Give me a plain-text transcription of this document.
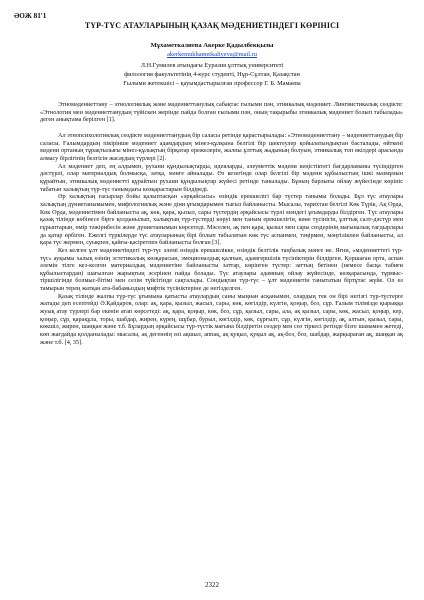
ӘОЖ 81'1
ТҮР-ТҮС АТАУЛАРЫНЫҢ ҚАЗАҚ МӘДЕНИЕТІНДЕГІ КӨРІНІСІ
Мұхаметкалиева Акерке Қадылбекқызы
akerkemukhametkaliyeva@mail.ru
Л.Н.Гумилев атындағы Еуразия ұлттық университеті
филология факультетінің 4-курс студенті, Нұр-Сұлтан, Қазақстан
Ғылыми жетекшісі – қауымдастырылған профессор Г. Б. Мамаева

Этномәдениеттану – этнологиялық және мәдениеттанулық сабақтас ғылыми пән, этникалық мәдениет. Лингвистикалық сөздікте: «Этнология мен мәдениеттанудың түйіскен жерінде пайда болған ғылыми пән, оның тақырыбы этникалық мәдениет болып табылады» деген анықтама берілген [1].

Ал этнопсихологиялық сөздікте мәдениеттанудың бір саласы ретінде қарастырылады: «Этномәдениеттану – мәдениеттанудың бір саласы. Ғалымдардың пікірінше мәдениет адамдардың мінез-құлқына белгілі бір шектеулер қойылатындықтан басталады, өйткені мәдени ортаның тұрақтылығы мінез-құлықтың бірқатар ережелерін, жалпы ұлттық жадының болуын, этникалық топ өкілдері арасында алмасу бірлігінің белгісін жасаудың түрлері [2].

Ал мәдениет деп, ең алдымен, рухани құндылықтарды, идеяларды, әлеуметтік мәдени кеңістіктегі бағдарламаны түсіндірген дәстүрлі, олар материалдық болмысқа, затқа, мәнге айналады. Өз кезегінде олар белгілі бір мәдени құбылыстың ішкі мазмұнын құрайтын, этникалық мәдениетті құрайтын рухани құндылықтар жүйесі ретінде танылады. Бұның барлығы ойлау жүйесінде көрініс табатын халықтың түр-түс танымдағы көзқарастарын білдіреді.

Әр халықтың ғасырлар бойы қалыптасқан «әрқайсысы» өзіндік ерекшелігі бар түстер танымы болады. Бұл түс атаулары халықтың дүниетанымымен, мифологиялық және діни ұғымдарымен тығыз байланысты. Мысалы, тарихтан белгілі Көк Түрік, Ақ Орда, Көк Орда, мәдениетімен байланысты ақ, көк, қара, қызыл, сары түстердің әрқайсысы түрлі мәндегі ұғымдарды білдірген. Түс атаулары қазақ тілінде көбінесе бірге қолданылып, халықтың түр-түстерді көруі мен таным ерекшелігін, көне түсінігін, ұлттық салт-дәстүр мен ғұрыптарын, өмір тәжірибесін және дүниетанымын көрсетеді. Мәселен, ақ пен қара, қызыл мен сары сөздерінің мағыналық тағдырлары да қатар өрбіген. Ежелгі түркілерде түс атауларының бірі болып табылатын көк түс аспанмен, тәңірмен, мәңгілікпен байланысты, ал қара түс жермен, суықпен, қайғы-қасіретпен байланысты болған [3].

Кез келген ұлт мәдениетіндегі түр-түс әлемі өзіндік ерекшелікке, өзіндік белгілік таңбалық мәнге ие. Яғни, «мәдениеттегі түр-түс» ауқымы халық өзінің эстетикалық көзқарасын, эмоционалдық қалпын, адамгершілік түсініктерін білдірген. Қоршаған орта, аспан әлемін тілге кез-келген материалдық мәдениетіне байланысты заттар, көрінген түстер: заттың бетінен (немесе басқа табиғи құбылыстардан) шағылған жарықтың әсерінен пайда болады. Түс атаулары адамның ойлау жүйесінде, көзқарасында, тұрмыс-тіршілігінде болмыс-бітімі мен сезім түйсігінде сақталады. Сондықтан түр-түс – ұлт мәдениетін танытатын біртұтас жүйе. Ол өз тамырын терең жатқан ата-бабамыздың мифтік түсініктеріне де негізделген.

Қазақ тілінде жалпы түр-түс ұғымына қатысты атаулардың саны мыңнан асқанымен, олардың тек он бірі негізгі түр-түстерге жатады деп есептейді Ә.Қайдаров, олар: ақ, қара, қызыл, жасыл, сары, көк, көгілдір, күлгін, қоңыр, боз, сұр. Ғалым тілімізде қырыққа жуық атау түрлері бар екенін атап көрсетеді: ақ, қара, қоңыр, көк, боз, сұр, қызыл, сары, ала, ақ қызыл, сары, көк, жасыл, қоңыр, кер, қоңыр, сұр, қарақұла, торы, шабдар, жирен, күрең, шұбар, бурыл, көгілдір, көк, сұрғылт, сұр, күлгін, көгілдір, ақ, алтын, қызыл, сары, көкшіл, жирен, шаңқан және т.б. Бұлардың әрқайсысы түр-түстік мағына білдіретін сөздер мен сөз тіркесі ретінде бізге шамамен жетеді, көп жағдайда қолданылады: мысалы, ақ дегеннің өзі ақшыл, аппақ, ақ қуқыл, қуқыл ақ, ақ-боз, боз, шабдар, жарқыраған ақ, шаңқан ақ және т.б. [4, 35].

2322
